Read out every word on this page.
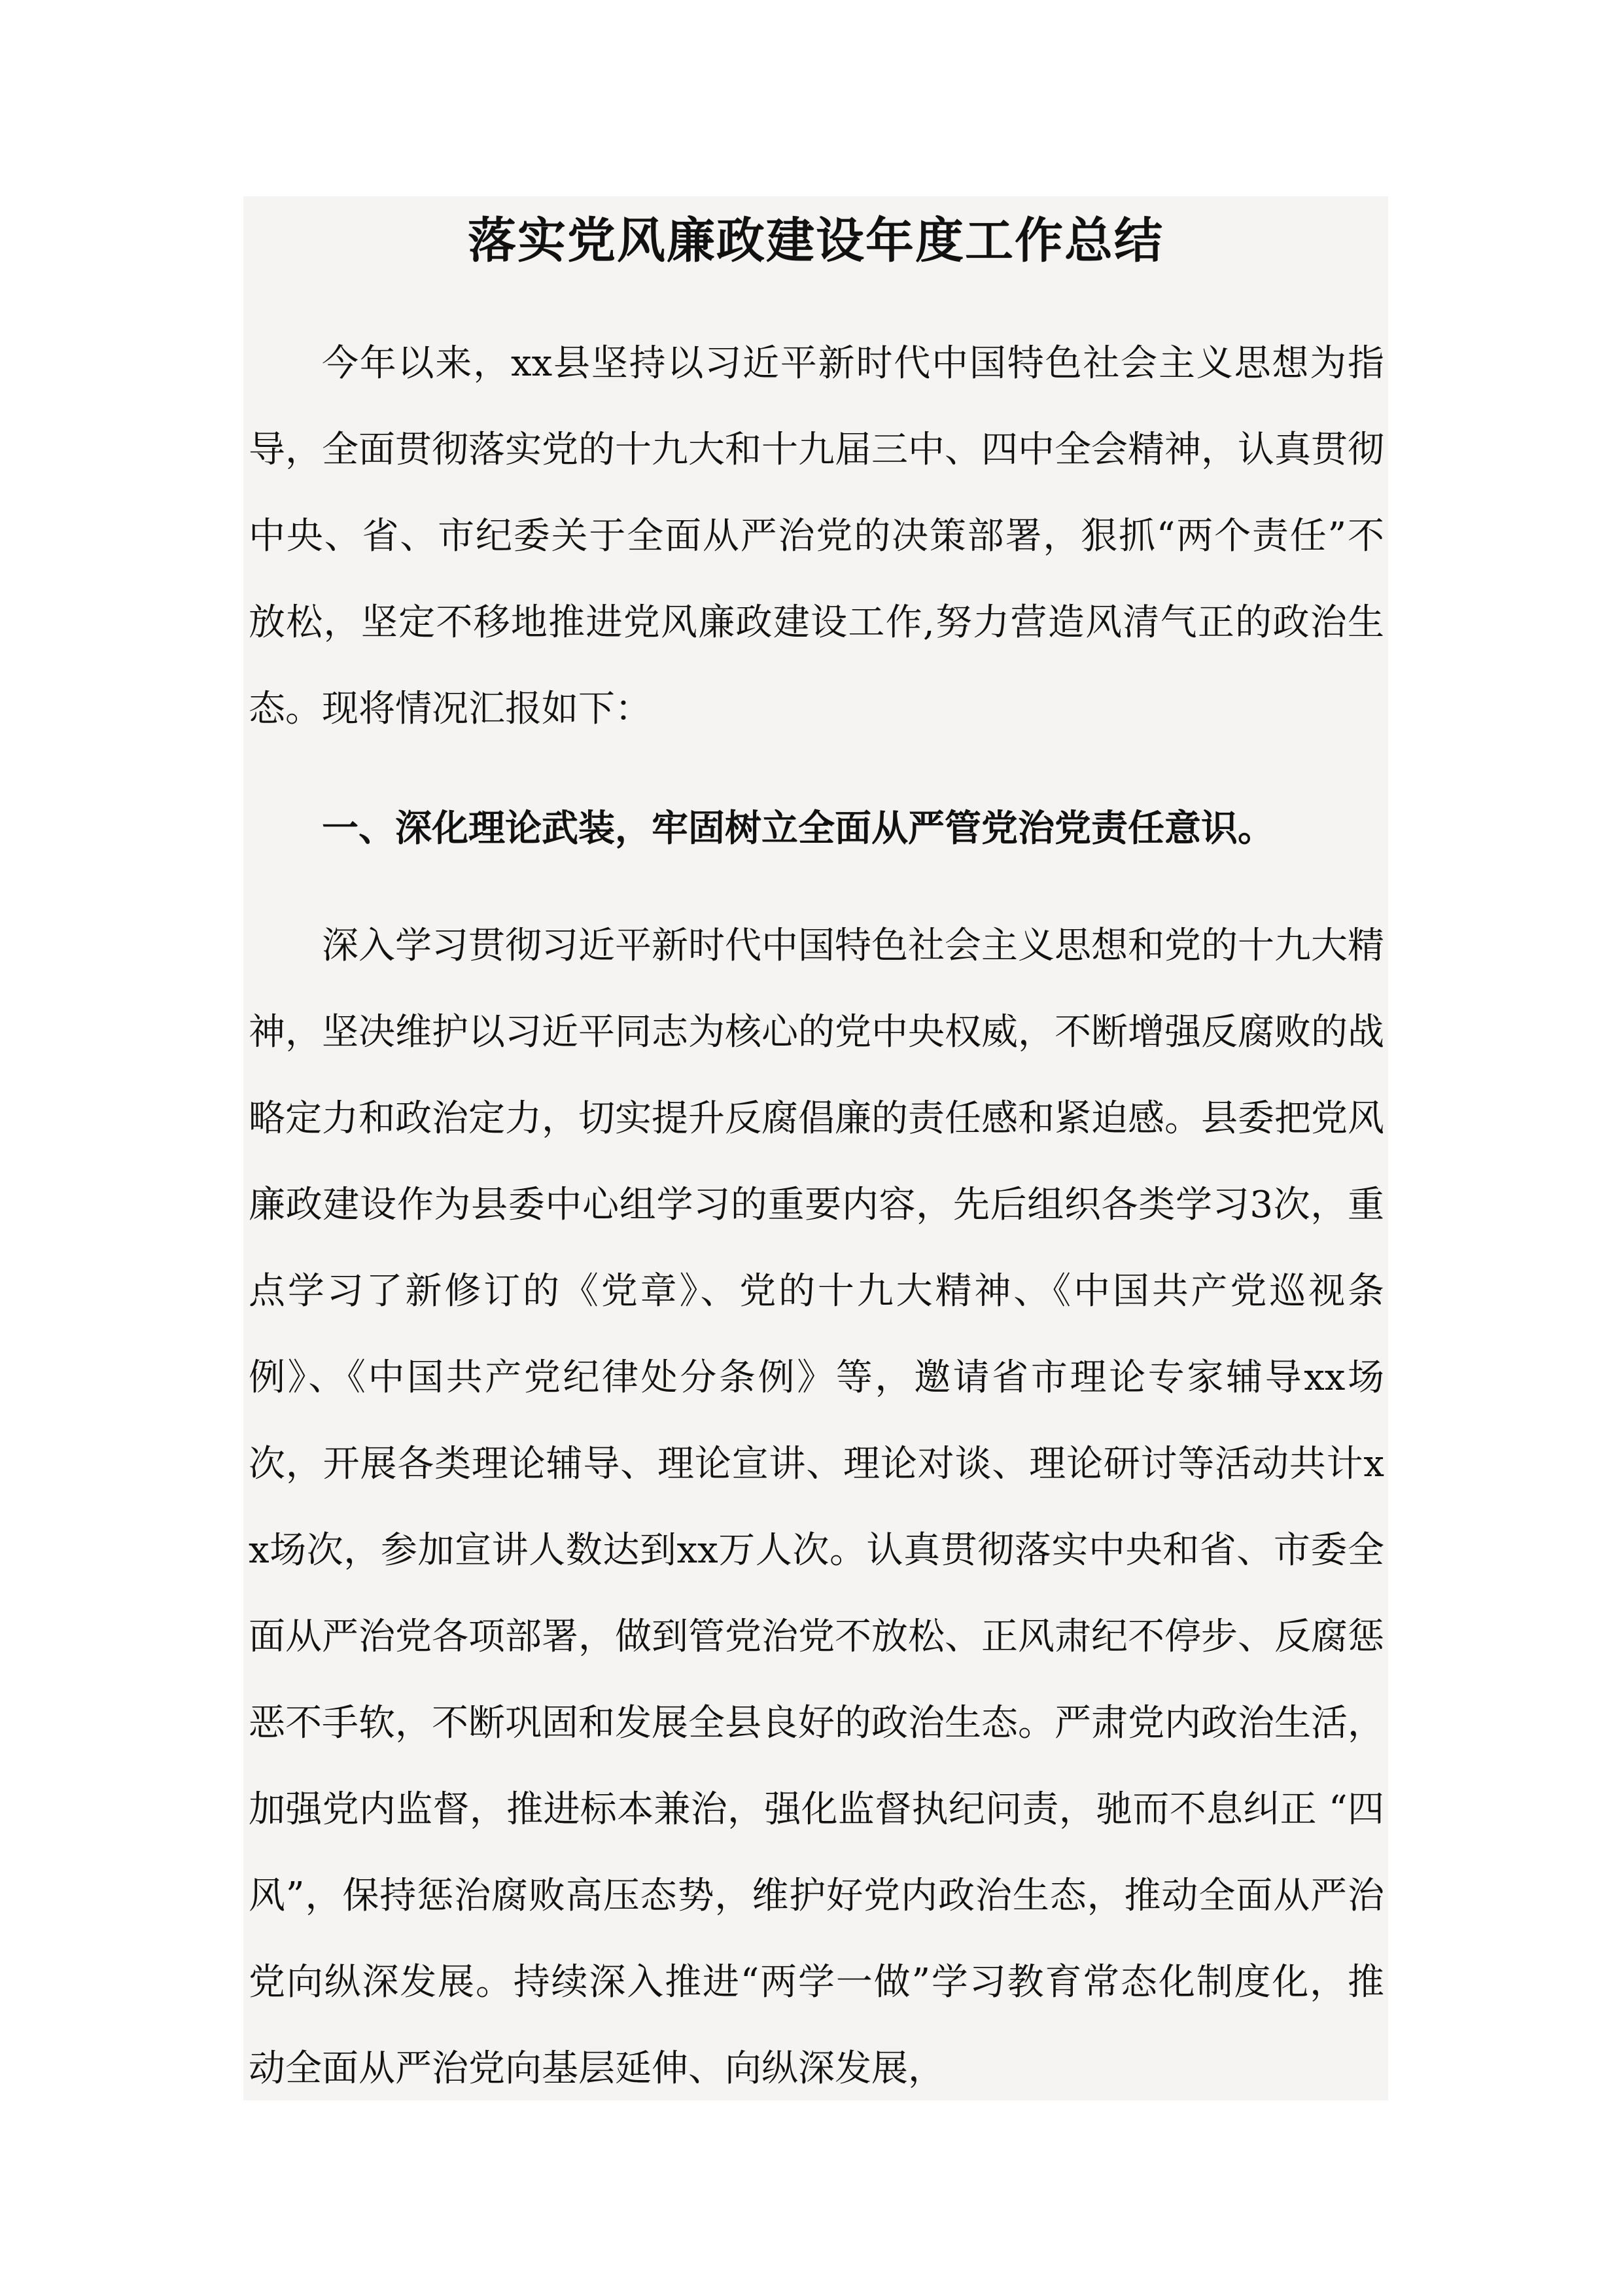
落实党风廉政建设年度工作总结

今年以来，xx县坚持以习近平新时代中国特色社会主义思想为指导，全面贯彻落实党的十九大和十九届三中、四中全会精神，认真贯彻中央、省、市纪委关于全面从严治党的决策部署，狠抓“两个责任”不放松，坚定不移地推进党风廉政建设工作,努力营造风清气正的政治生态。现将情况汇报如下：

一、深化理论武装，牢固树立全面从严管党治党责任意识。

深入学习贯彻习近平新时代中国特色社会主义思想和党的十九大精神，坚决维护以习近平同志为核心的党中央权威，不断增强反腐败的战略定力和政治定力，切实提升反腐倡廉的责任感和紧迫感。县委把党风廉政建设作为县委中心组学习的重要内容，先后组织各类学习3次，重点学习了新修订的《党章》、党的十九大精神、《中国共产党巡视条例》、《中国共产党纪律处分条例》等，邀请省市理论专家辅导xx场次，开展各类理论辅导、理论宣讲、理论对谈、理论研讨等活动共计xx场次，参加宣讲人数达到xx万人次。认真贯彻落实中央和省、市委全面从严治党各项部署，做到管党治党不放松、正风肃纪不停步、反腐惩恶不手软，不断巩固和发展全县良好的政治生态。严肃党内政治生活，加强党内监督，推进标本兼治，强化监督执纪问责，驰而不息纠正 “四风”，保持惩治腐败高压态势，维护好党内政治生态，推动全面从严治党向纵深发展。持续深入推进“两学一做”学习教育常态化制度化，推动全面从严治党向基层延伸、向纵深发展，
